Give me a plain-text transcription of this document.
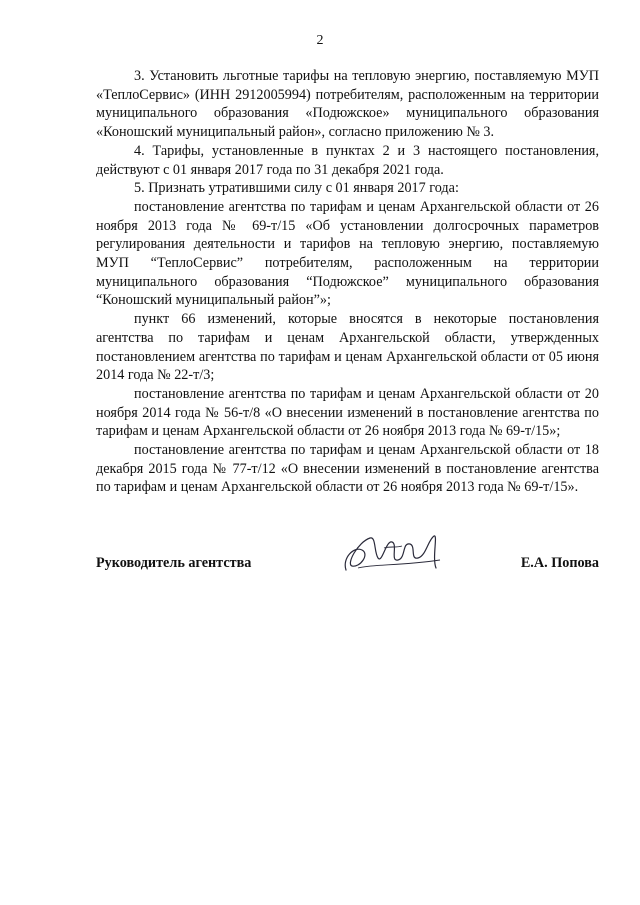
2

3. Установить льготные тарифы на тепловую энергию, поставляемую МУП «ТеплоСервис» (ИНН 2912005994) потребителям, расположенным на территории муниципального образования «Подюжское» муниципального образования «Коношский муниципальный район», согласно приложению № 3.

4. Тарифы, установленные в пунктах 2 и 3 настоящего постановления, действуют с 01 января 2017 года по 31 декабря 2021 года.

5. Признать утратившими силу с 01 января 2017 года:

постановление агентства по тарифам и ценам Архангельской области от 26 ноября 2013 года № 69-т/15 «Об установлении долгосрочных параметров регулирования деятельности и тарифов на тепловую энергию, поставляемую МУП “ТеплоСервис” потребителям, расположенным на территории муниципального образования “Подюжское” муниципального образования “Коношский муниципальный район”»;

пункт 66 изменений, которые вносятся в некоторые постановления агентства по тарифам и ценам Архангельской области, утвержденных постановлением агентства по тарифам и ценам Архангельской области от 05 июня 2014 года № 22-т/3;

постановление агентства по тарифам и ценам Архангельской области от 20 ноября 2014 года № 56-т/8 «О внесении изменений в постановление агентства по тарифам и ценам Архангельской области от 26 ноября 2013 года № 69-т/15»;

постановление агентства по тарифам и ценам Архангельской области от 18 декабря 2015 года № 77-т/12 «О внесении изменений в постановление агентства по тарифам и ценам Архангельской области от 26 ноября 2013 года № 69-т/15».

Руководитель агентства	Е.А. Попова
